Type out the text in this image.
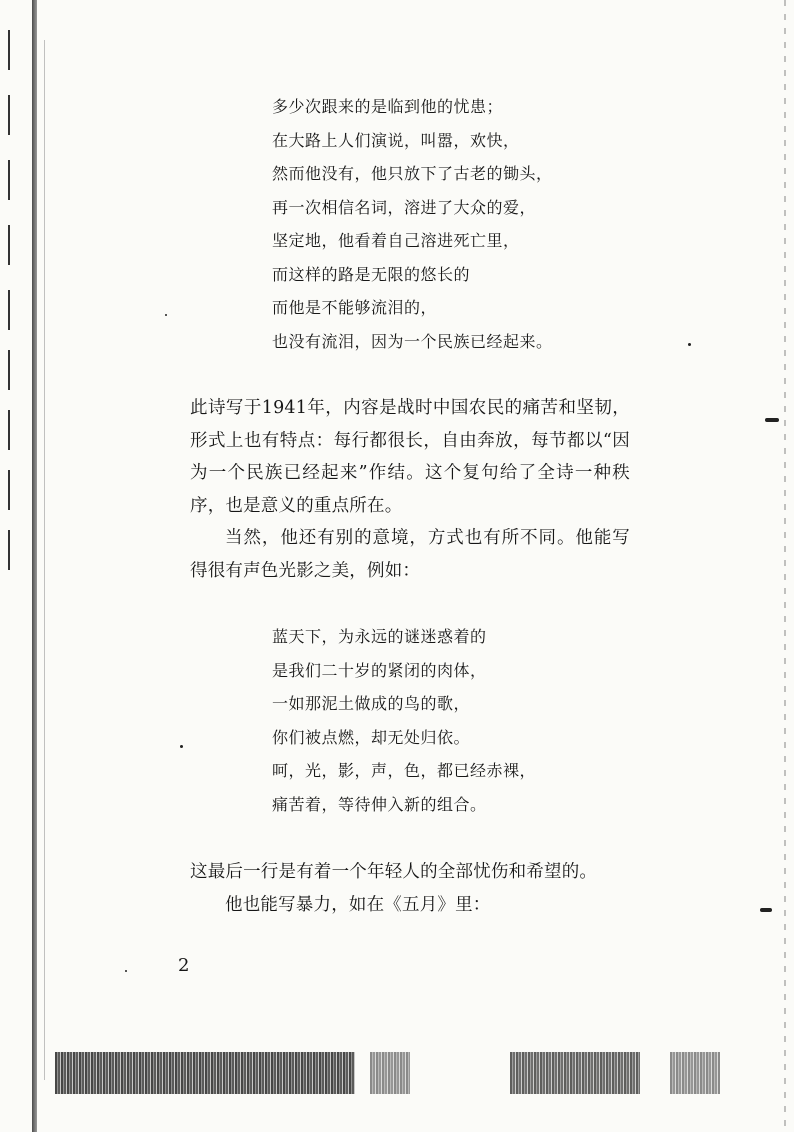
多少次跟来的是临到他的忧患；
在大路上人们演说，叫嚣，欢快，
然而他没有，他只放下了古老的锄头，
再一次相信名词，溶进了大众的爱，
坚定地，他看着自己溶进死亡里，
而这样的路是无限的悠长的
而他是不能够流泪的，
也没有流泪，因为一个民族已经起来。

此诗写于1941年，内容是战时中国农民的痛苦和坚韧，形式上也有特点：每行都很长，自由奔放，每节都以“因为一个民族已经起来”作结。这个复句给了全诗一种秩序，也是意义的重点所在。

当然，他还有别的意境，方式也有所不同。他能写得很有声色光影之美，例如：

蓝天下，为永远的谜迷惑着的
是我们二十岁的紧闭的肉体，
一如那泥土做成的鸟的歌，
你们被点燃，却无处归依。
呵，光，影，声，色，都已经赤裸，
痛苦着，等待伸入新的组合。

这最后一行是有着一个年轻人的全部忧伤和希望的。

他也能写暴力，如在《五月》里：

2
